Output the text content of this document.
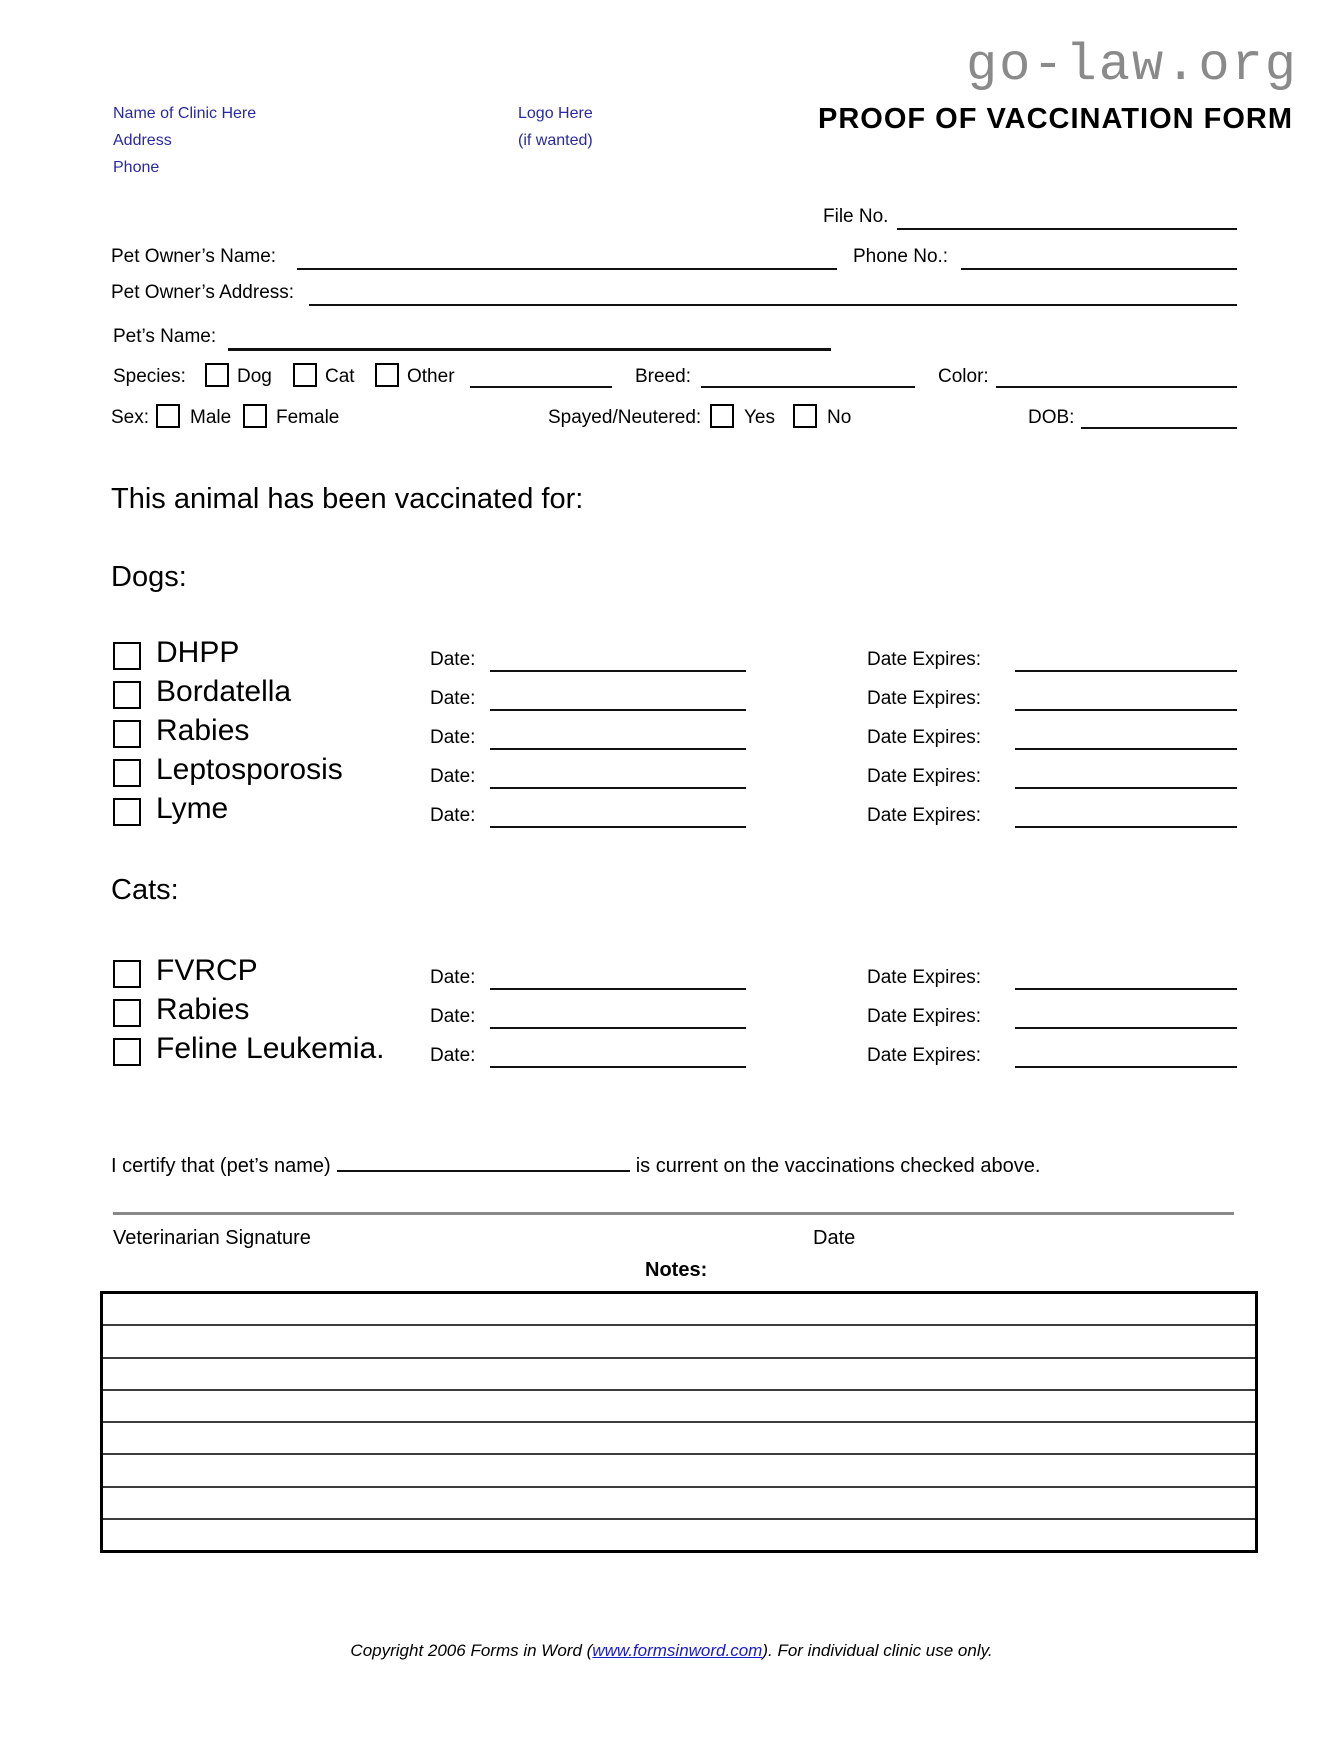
go-law.org
Name of Clinic Here
Address
Phone
Logo Here
(if wanted)
PROOF OF VACCINATION FORM
File No.
Pet Owner’s Name:	Phone No.:
Pet Owner’s Address:
Pet’s Name:
Species:	Dog	Cat	Other	Breed:	Color:
Sex: Male Female	Spayed/Neutered: Yes	No	DOB:
This animal has been vaccinated for:
Dogs:
DHPP	Date:	Date Expires:
Bordatella	Date:	Date Expires:
Rabies	Date:	Date Expires:
Leptosporosis	Date:	Date Expires:
Lyme	Date:	Date Expires:
Cats:
FVRCP	Date:	Date Expires:
Rabies	Date:	Date Expires:
Feline Leukemia. Date:	Date Expires:
I certify that (pet’s name)	is current on the vaccinations checked above.
Veterinarian Signature	Date
Notes:
Copyright 2006 Forms in Word (www.formsinword.com). For individual clinic use only.
